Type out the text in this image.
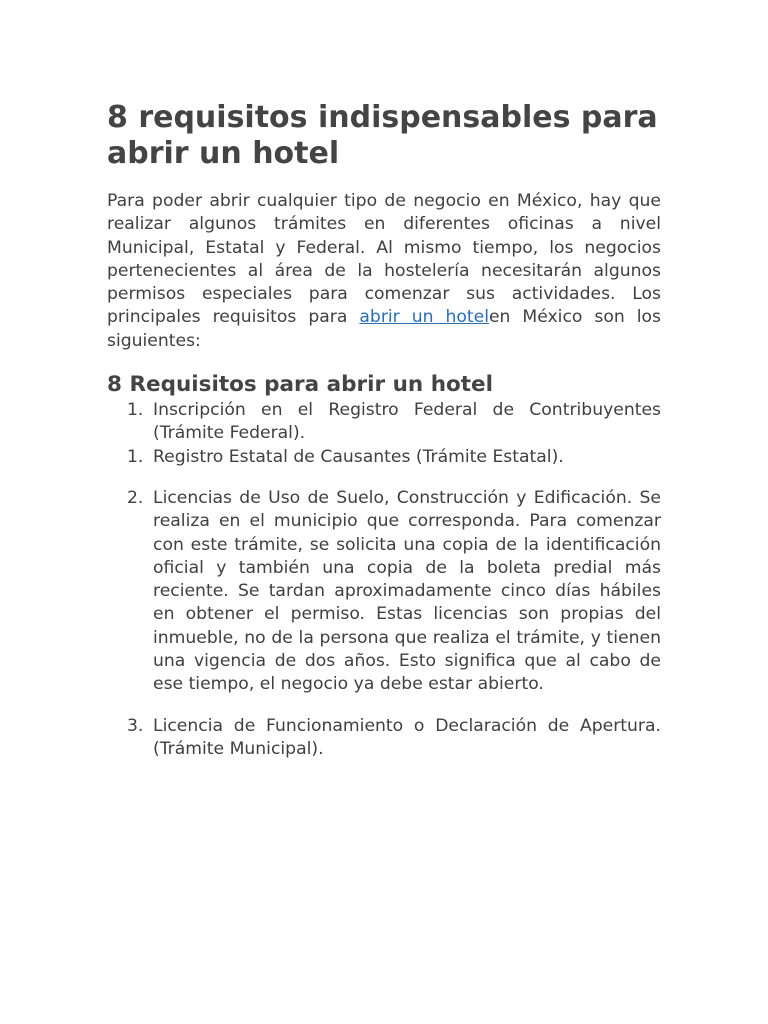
8 requisitos indispensables para abrir un hotel

Para poder abrir cualquier tipo de negocio en México, hay que realizar algunos trámites en diferentes oficinas a nivel Municipal, Estatal y Federal. Al mismo tiempo, los negocios pertenecientes al área de la hostelería necesitarán algunos permisos especiales para comenzar sus actividades. Los principales requisitos para abrir un hotelen México son los siguientes:

8 Requisitos para abrir un hotel
1. Inscripción en el Registro Federal de Contribuyentes (Trámite Federal).
1. Registro Estatal de Causantes (Trámite Estatal).
2. Licencias de Uso de Suelo, Construcción y Edificación. Se realiza en el municipio que corresponda. Para comenzar con este trámite, se solicita una copia de la identificación oficial y también una copia de la boleta predial más reciente. Se tardan aproximadamente cinco días hábiles en obtener el permiso. Estas licencias son propias del inmueble, no de la persona que realiza el trámite, y tienen una vigencia de dos años. Esto significa que al cabo de ese tiempo, el negocio ya debe estar abierto.
3. Licencia de Funcionamiento o Declaración de Apertura. (Trámite Municipal).
